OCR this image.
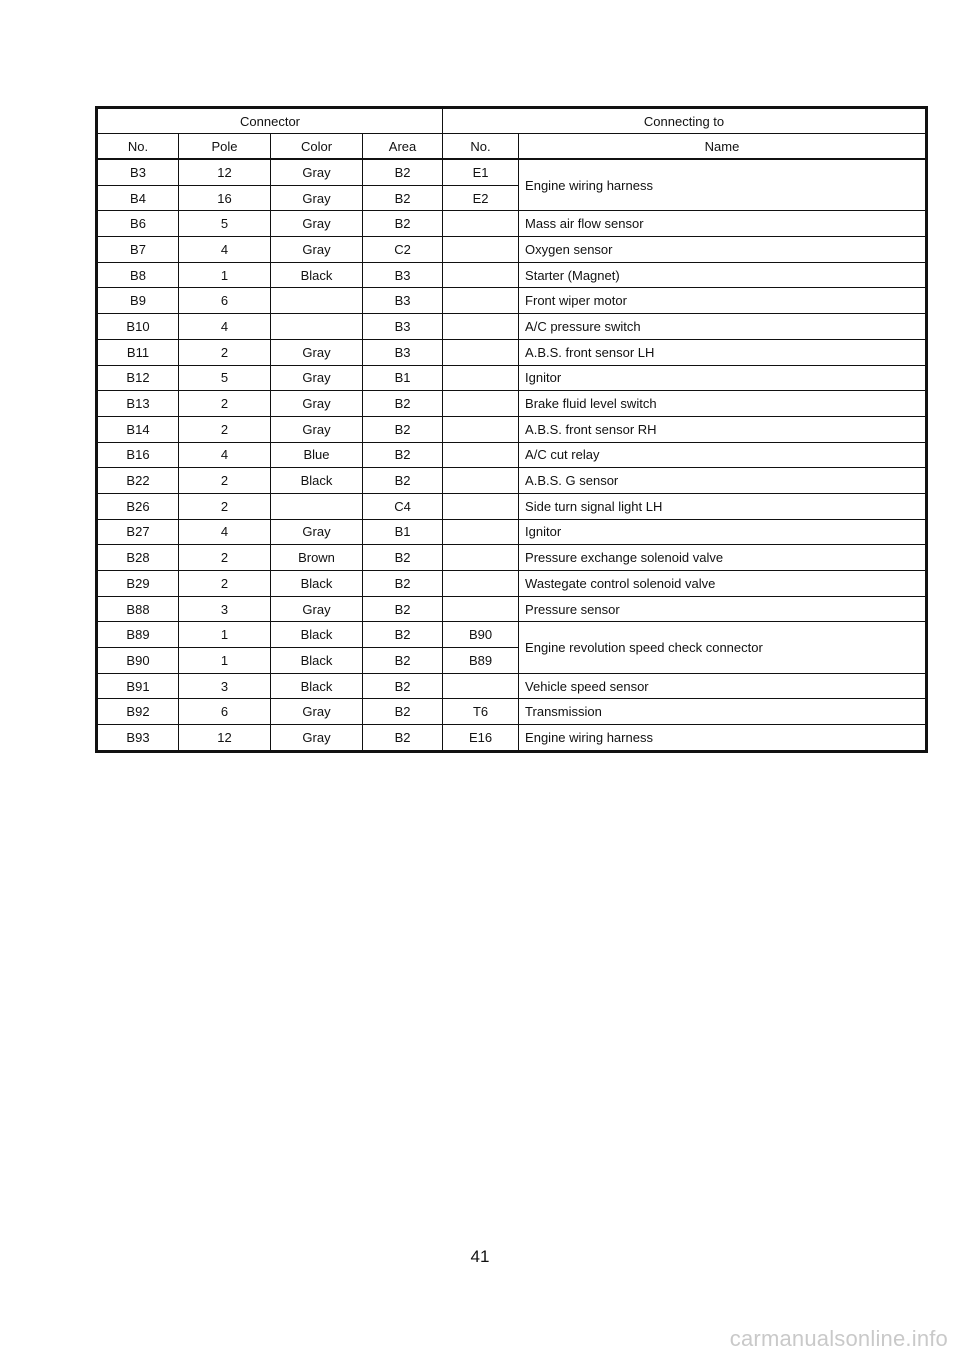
Connector				Connecting to	
No.	Pole	Color	Area	No.	Name
B3	12	Gray	B2	E1	Engine wiring harness
B4	16	Gray	B2	E2	
B6	5	Gray	B2		Mass air flow sensor
B7	4	Gray	C2		Oxygen sensor
B8	1	Black	B3		Starter (Magnet)
B9	6		B3		Front wiper motor
B10	4		B3		A/C pressure switch
B11	2	Gray	B3		A.B.S. front sensor LH
B12	5	Gray	B1		Ignitor
B13	2	Gray	B2		Brake fluid level switch
B14	2	Gray	B2		A.B.S. front sensor RH
B16	4	Blue	B2		A/C cut relay
B22	2	Black	B2		A.B.S. G sensor
B26	2		C4		Side turn signal light LH
B27	4	Gray	B1		Ignitor
B28	2	Brown	B2		Pressure exchange solenoid valve
B29	2	Black	B2		Wastegate control solenoid valve
B88	3	Gray	B2		Pressure sensor
B89	1	Black	B2	B90	Engine revolution speed check connector
B90	1	Black	B2	B89	
B91	3	Black	B2		Vehicle speed sensor
B92	6	Gray	B2	T6	Transmission
B93	12	Gray	B2	E16	Engine wiring harness
41
carmanualsonline.info
